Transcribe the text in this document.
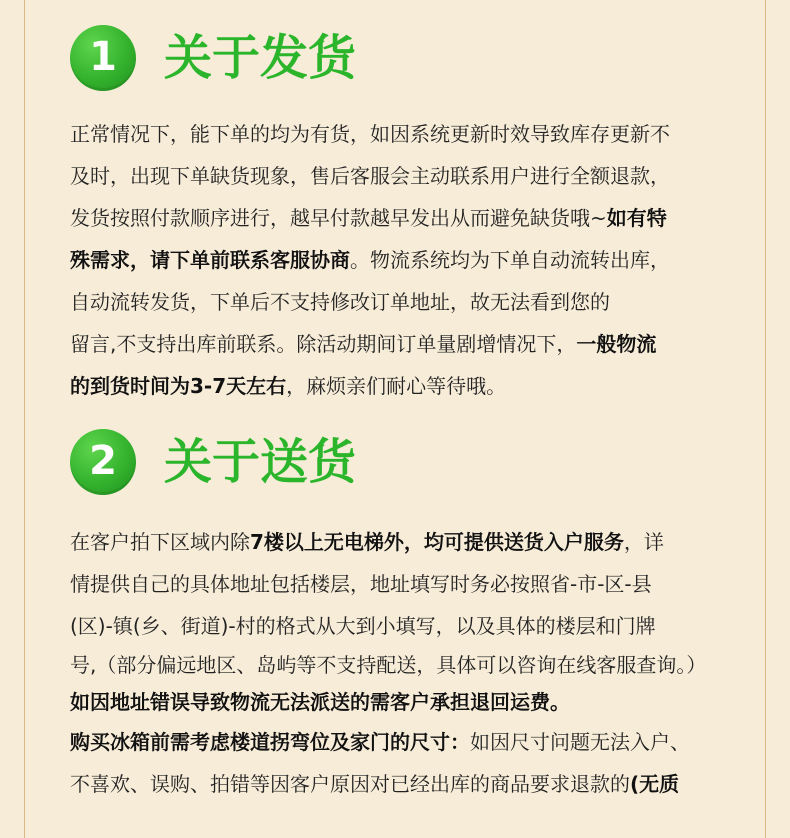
1 关于发货
正常情况下，能下单的均为有货，如因系统更新时效导致库存更新不
及时，出现下单缺货现象，售后客服会主动联系用户进行全额退款，
发货按照付款顺序进行，越早付款越早发出从而避免缺货哦~如有特
殊需求，请下单前联系客服协商。物流系统均为下单自动流转出库，
自动流转发货，下单后不支持修改订单地址，故无法看到您的
留言,不支持出库前联系。除活动期间订单量剧增情况下，一般物流
的到货时间为3-7天左右，麻烦亲们耐心等待哦。
2 关于送货
在客户拍下区域内除7楼以上无电梯外，均可提供送货入户服务，详
情提供自己的具体地址包括楼层，地址填写时务必按照省-市-区-县
(区)-镇(乡、街道)-村的格式从大到小填写，以及具体的楼层和门牌
号,（部分偏远地区、岛屿等不支持配送，具体可以咨询在线客服查询。）
如因地址错误导致物流无法派送的需客户承担退回运费。
购买冰箱前需考虑楼道拐弯位及家门的尺寸：如因尺寸问题无法入户、
不喜欢、误购、拍错等因客户原因对已经出库的商品要求退款的(无质
